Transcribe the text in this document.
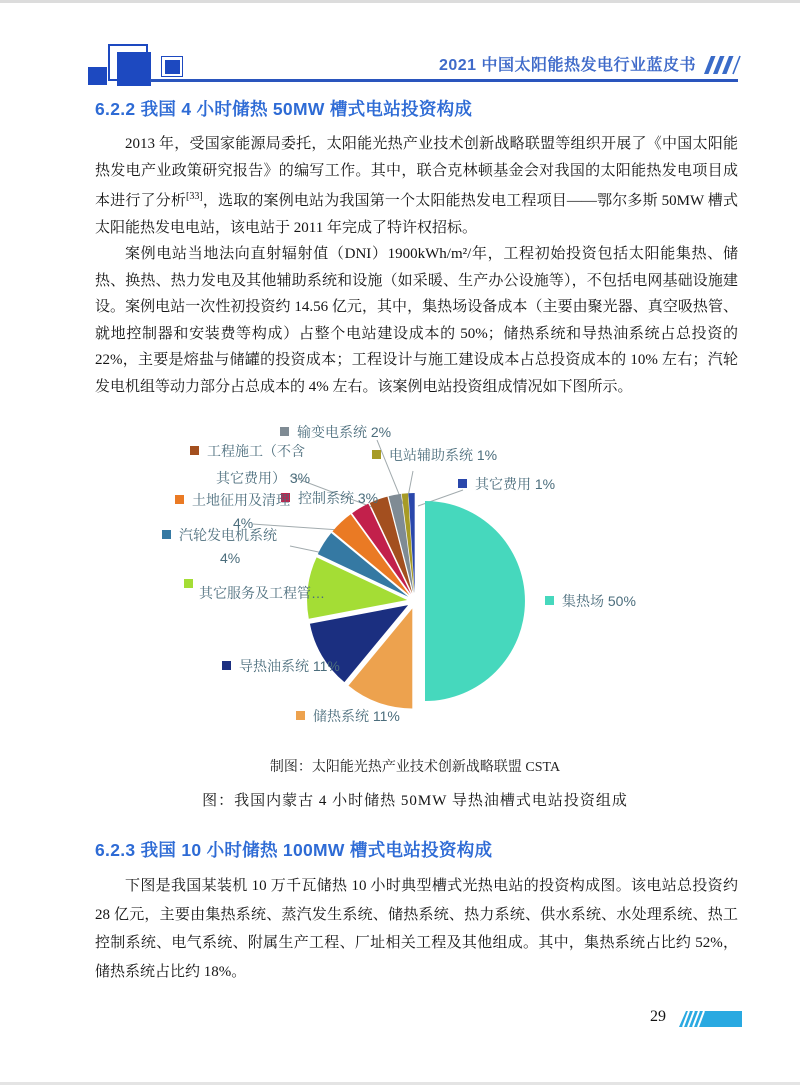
2021 中国太阳能热发电行业蓝皮书
6.2.2 我国 4 小时储热 50MW 槽式电站投资构成

2013 年，受国家能源局委托，太阳能光热产业技术创新战略联盟等组织开展了《中国太阳能热发电产业政策研究报告》的编写工作。其中，联合克林顿基金会对我国的太阳能热发电项目成本进行了分析[33]，选取的案例电站为我国第一个太阳能热发电工程项目——鄂尔多斯 50MW 槽式太阳能热发电电站，该电站于 2011 年完成了特许权招标。

案例电站当地法向直射辐射值（DNI）1900kWh/m²/年，工程初始投资包括太阳能集热、储热、换热、热力发电及其他辅助系统和设施（如采暖、生产办公设施等），不包括电网基础设施建设。案例电站一次性初投资约 14.56 亿元，其中，集热场设备成本（主要由聚光器、真空吸热管、就地控制器和安装费等构成）占整个电站建设成本的 50%；储热系统和导热油系统占总投资的 22%，主要是熔盐与储罐的投资成本；工程设计与施工建设成本占总投资成本的 10% 左右；汽轮发电机组等动力部分占总成本的 4% 左右。该案例电站投资组成情况如下图所示。

输变电系统 2%
工程施工（不含
其它费用） 3%
电站辅助系统 1%
控制系统 3%
其它费用 1%
土地征用及清理
4%
汽轮发电机系统
4%
其它服务及工程管…	集热场 50%
导热油系统 11%
储热系统 11%
制图：太阳能光热产业技术创新战略联盟 CSTA
图：我国内蒙古 4 小时储热 50MW 导热油槽式电站投资组成
6.2.3 我国 10 小时储热 100MW 槽式电站投资构成

下图是我国某装机 10 万千瓦储热 10 小时典型槽式光热电站的投资构成图。该电站总投资约 28 亿元，主要由集热系统、蒸汽发生系统、储热系统、热力系统、供水系统、水处理系统、热工控制系统、电气系统、附属生产工程、厂址相关工程及其他组成。其中，集热系统占比约 52%，储热系统占比约 18%。

29
